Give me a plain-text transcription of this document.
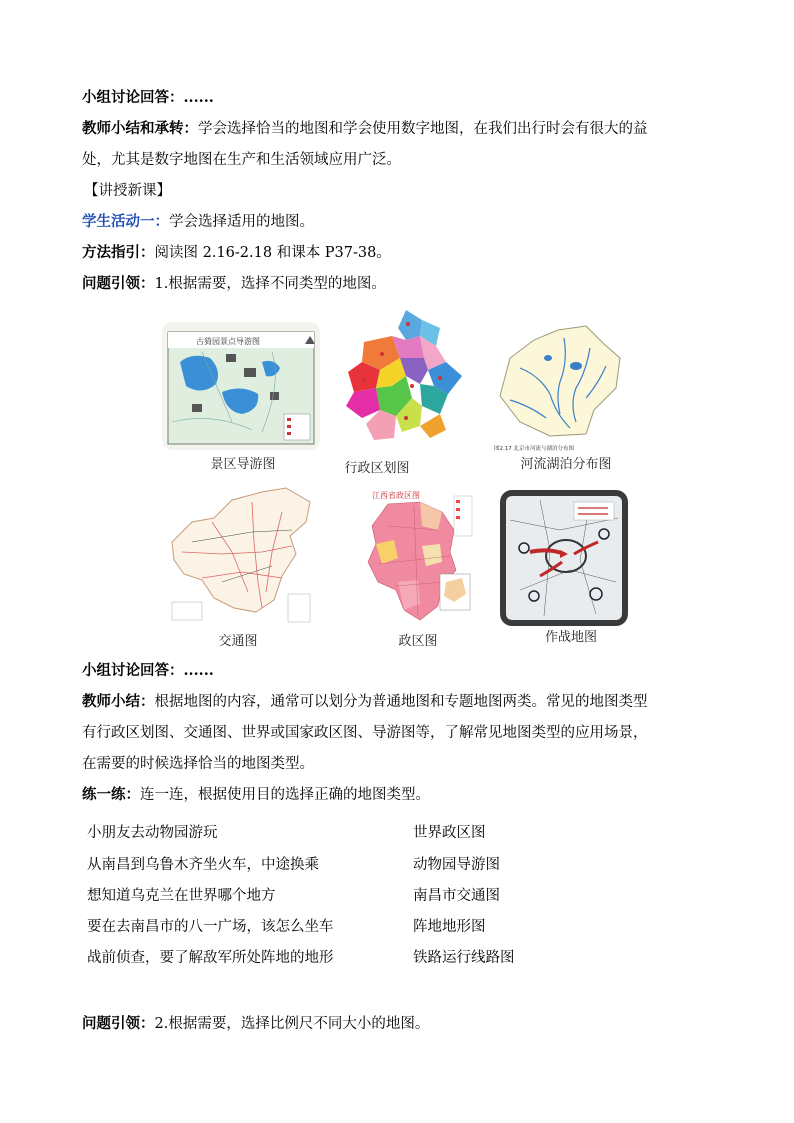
小组讨论回答：......
教师小结和承转：学会选择恰当的地图和学会使用数字地图，在我们出行时会有很大的益
处，尤其是数字地图在生产和生活领域应用广泛。
【讲授新课】
学生活动一：学会选择适用的地图。
方法指引：阅读图 2.16-2.18 和课本 P37-38。
问题引领：1.根据需要，选择不同类型的地图。
古猗园景点导游图
景区导游图	行政区划图
图2.17 北京市河流与湖泊分布图
河流湖泊分布图
交通图
江西省政区图
政区图	作战地图
小组讨论回答：......
教师小结：根据地图的内容，通常可以划分为普通地图和专题地图两类。常见的地图类型
有行政区划图、交通图、世界或国家政区图、导游图等，了解常见地图类型的应用场景，
在需要的时候选择恰当的地图类型。
练一练：连一连，根据使用目的选择正确的地图类型。
小朋友去动物园游玩
从南昌到乌鲁木齐坐火车，中途换乘
想知道乌克兰在世界哪个地方
要在去南昌市的八一广场，该怎么坐车
战前侦查，要了解敌军所处阵地的地形
世界政区图
动物园导游图
南昌市交通图
阵地地形图
铁路运行线路图
问题引领：2.根据需要，选择比例尺不同大小的地图。
